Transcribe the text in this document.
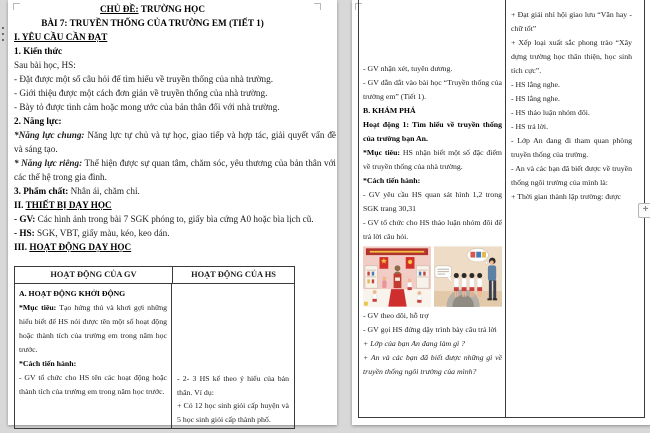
CHỦ ĐỀ: TRƯỜNG HỌC

BÀI 7: TRUYỀN THỐNG CỦA TRƯỜNG EM (TIẾT 1)

I. YÊU CẦU CẦN ĐẠT

1. Kiến thức

Sau bài học, HS:

- Đặt được một số câu hỏi để tìm hiểu về truyền thống của nhà trường.

- Giới thiệu được một cách đơn giản về truyền thống của nhà trường.

- Bày tỏ được tình cảm hoặc mong ước của bản thân đối với nhà trường.

2. Năng lực:

*Năng lực chung: Năng lực tự chủ và tự học, giao tiếp và hợp tác, giải quyết vấn đề và sáng tạo.

* Năng lực riêng: Thể hiện được sự quan tâm, chăm sóc, yêu thương của bản thân với các thế hệ trong gia đình.

3. Phẩm chất: Nhân ái, chăm chỉ.

II. THIẾT BỊ DẠY HỌC

- GV: Các hình ảnh trong bài 7 SGK phóng to, giấy bìa cứng A0 hoặc bìa lịch cũ.

- HS: SGK, VBT, giấy màu, kéo, keo dán.

III. HOẠT ĐỘNG DẠY HỌC

HOẠT ĐỘNG CỦA GV	HOẠT ĐỘNG CỦA HS

A. HOẠT ĐỘNG KHỞI ĐỘNG

*Mục tiêu: Tạo hứng thú và khơi gợi những hiểu biết để HS nói được tên một số hoạt động hoặc thành tích của trường em trong năm học trước.

*Cách tiến hành:

- GV tổ chức cho HS tên các hoạt động hoặc thành tích của trường em trong năm học trước.

- 2- 3 HS kể theo ý hiểu của bản thân. Ví dụ:

+ Có 12 học sinh giỏi cấp huyện và 5 học sinh giỏi cấp thành phố.

- GV nhận xét, tuyên dương.

- GV dẫn dắt vào bài học “Truyền thống của trường em” (Tiết 1).

B. KHÁM PHÁ

Hoạt động 1: Tìm hiểu về truyền thống của trường bạn An.

*Mục tiêu: HS nhận biết một số đặc điểm về truyền thống của nhà trường.

*Cách tiến hành:

- GV yêu cầu HS quan sát hình 1,2 trong SGK trang 30,31

- GV tổ chức cho HS thảo luận nhóm đôi để trả lời câu hỏi.

- GV theo dõi, hỗ trợ

- GV gọi HS đứng dậy trình bày câu trả lời

+ Lớp của bạn An đang làm gì ?

+ An và các bạn đã biết được những gì về truyền thống ngôi trường của mình?

+ Đạt giải nhì hội giao lưu “Văn hay - chữ tốt”

+ Xếp loại xuất sắc phong trào “Xây dựng trường học thân thiện, học sinh tích cực”.

- HS lắng nghe.

- HS lắng nghe.

- HS thảo luận nhóm đôi.

- HS trả lời.

- Lớp An đang đi tham quan phòng truyền thống của trường.

- An và các bạn đã biết được về truyền thống ngôi trường của mình là:

+ Thời gian thành lập trường: được

+
